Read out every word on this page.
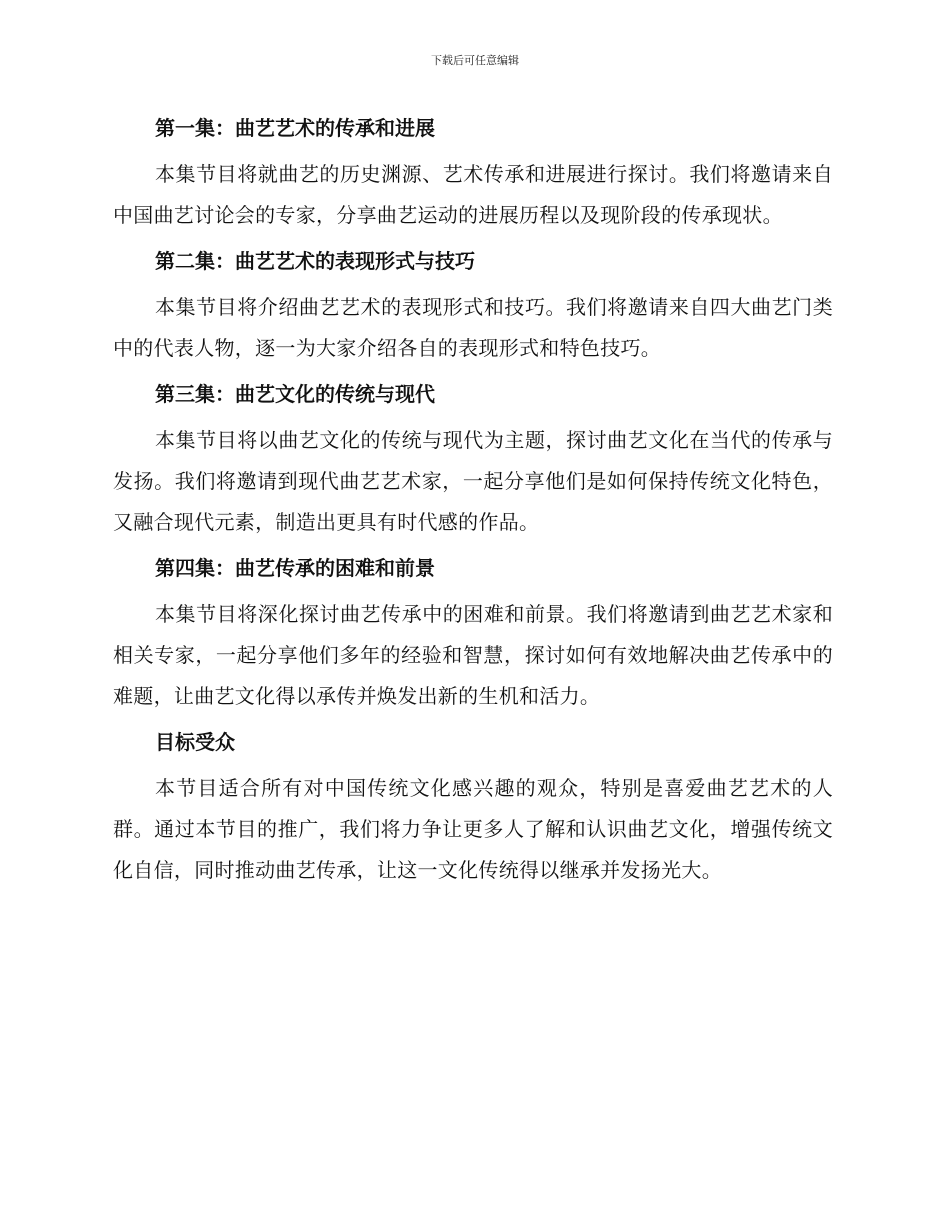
下载后可任意编辑
第一集：曲艺艺术的传承和进展

本集节目将就曲艺的历史渊源、艺术传承和进展进行探讨。我们将邀请来自中国曲艺讨论会的专家，分享曲艺运动的进展历程以及现阶段的传承现状。

第二集：曲艺艺术的表现形式与技巧

本集节目将介绍曲艺艺术的表现形式和技巧。我们将邀请来自四大曲艺门类中的代表人物，逐一为大家介绍各自的表现形式和特色技巧。

第三集：曲艺文化的传统与现代

本集节目将以曲艺文化的传统与现代为主题，探讨曲艺文化在当代的传承与发扬。我们将邀请到现代曲艺艺术家，一起分享他们是如何保持传统文化特色，又融合现代元素，制造出更具有时代感的作品。

第四集：曲艺传承的困难和前景

本集节目将深化探讨曲艺传承中的困难和前景。我们将邀请到曲艺艺术家和相关专家，一起分享他们多年的经验和智慧，探讨如何有效地解决曲艺传承中的难题，让曲艺文化得以承传并焕发出新的生机和活力。

目标受众

本节目适合所有对中国传统文化感兴趣的观众，特别是喜爱曲艺艺术的人群。通过本节目的推广，我们将力争让更多人了解和认识曲艺文化，增强传统文化自信，同时推动曲艺传承，让这一文化传统得以继承并发扬光大。
